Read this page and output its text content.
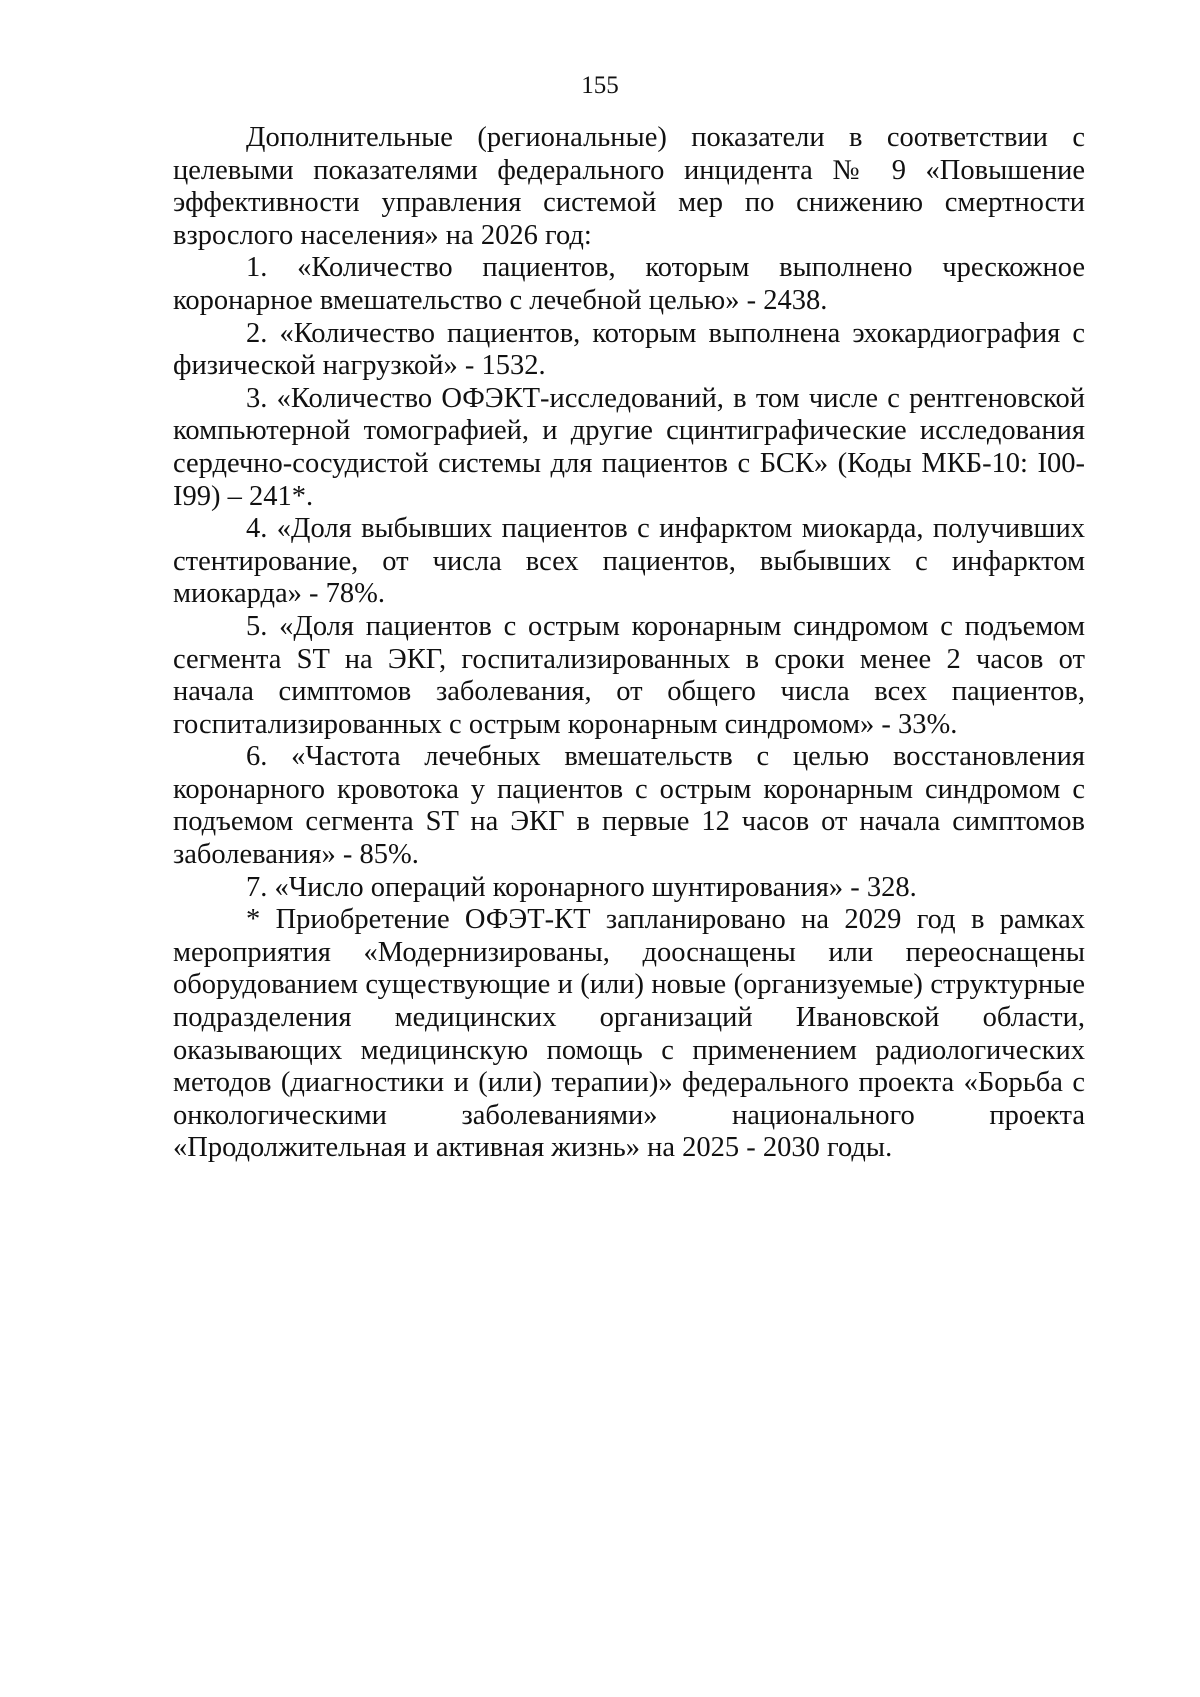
155

Дополнительные (региональные) показатели в соответствии с целевыми показателями федерального инцидента № 9 «Повышение эффективности управления системой мер по снижению смертности взрослого населения» на 2026 год:

1. «Количество пациентов, которым выполнено чрескожное коронарное вмешательство с лечебной целью» - 2438.

2. «Количество пациентов, которым выполнена эхокардиография с физической нагрузкой» - 1532.

3. «Количество ОФЭКТ-исследований, в том числе с рентгеновской компьютерной томографией, и другие сцинтиграфические исследования сердечно-сосудистой системы для пациентов с БСК» (Коды МКБ-10: I00-I99) – 241*.

4. «Доля выбывших пациентов с инфарктом миокарда, получивших стентирование, от числа всех пациентов, выбывших с инфарктом миокарда» - 78%.

5. «Доля пациентов с острым коронарным синдромом с подъемом сегмента ST на ЭКГ, госпитализированных в сроки менее 2 часов от начала симптомов заболевания, от общего числа всех пациентов, госпитализированных с острым коронарным синдромом» - 33%.

6. «Частота лечебных вмешательств с целью восстановления коронарного кровотока у пациентов с острым коронарным синдромом с подъемом сегмента ST на ЭКГ в первые 12 часов от начала симптомов заболевания» - 85%.

7. «Число операций коронарного шунтирования» - 328.

* Приобретение ОФЭТ-КТ запланировано на 2029 год в рамках мероприятия «Модернизированы, дооснащены или переоснащены оборудованием существующие и (или) новые (организуемые) структурные подразделения медицинских организаций Ивановской области, оказывающих медицинскую помощь с применением радиологических методов (диагностики и (или) терапии)» федерального проекта «Борьба с онкологическими заболеваниями» национального проекта «Продолжительная и активная жизнь» на 2025 - 2030 годы.
